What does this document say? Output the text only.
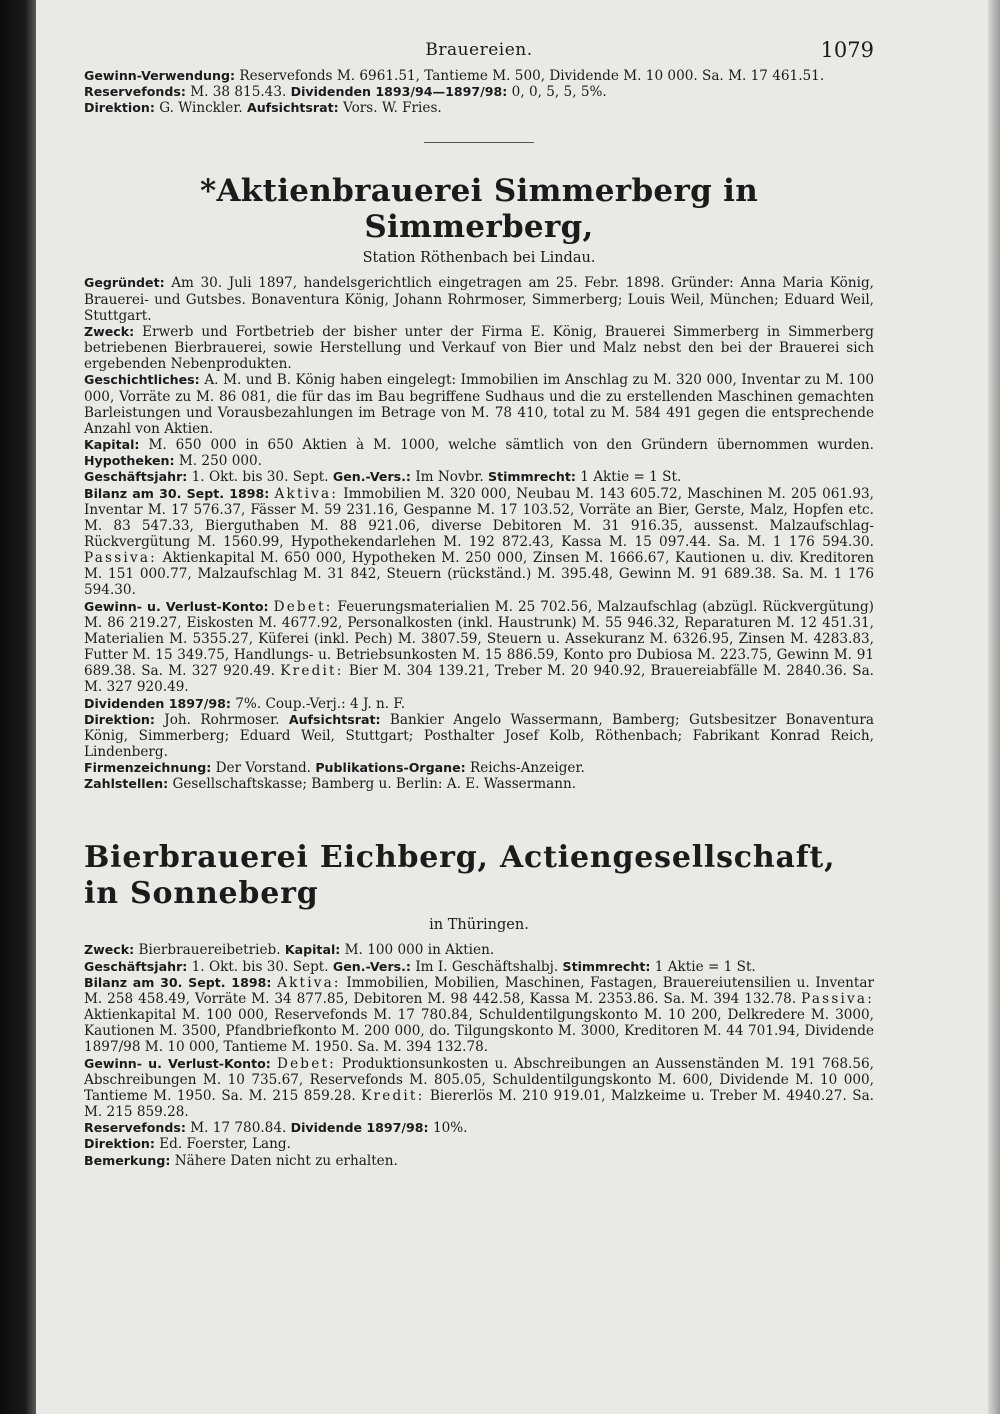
Brauereien.	1079

Gewinn-Verwendung: Reservefonds M. 6961.51, Tantieme M. 500, Dividende M. 10 000. Sa. M. 17 461.51.

Reservefonds: M. 38 815.43. Dividenden 1893/94—1897/98: 0, 0, 5, 5, 5%.

Direktion: G. Winckler. Aufsichtsrat: Vors. W. Fries.

*Aktienbrauerei Simmerberg in Simmerberg,
Station Röthenbach bei Lindau.

Gegründet: Am 30. Juli 1897, handelsgerichtlich eingetragen am 25. Febr. 1898. Gründer: Anna Maria König, Brauerei- und Gutsbes. Bonaventura König, Johann Rohrmoser, Simmerberg; Louis Weil, München; Eduard Weil, Stuttgart.

Zweck: Erwerb und Fortbetrieb der bisher unter der Firma E. König, Brauerei Simmerberg in Simmerberg betriebenen Bierbrauerei, sowie Herstellung und Verkauf von Bier und Malz nebst den bei der Brauerei sich ergebenden Nebenprodukten.

Geschichtliches: A. M. und B. König haben eingelegt: Immobilien im Anschlag zu M. 320 000, Inventar zu M. 100 000, Vorräte zu M. 86 081, die für das im Bau begriffene Sudhaus und die zu erstellenden Maschinen gemachten Barleistungen und Vorausbezahlungen im Betrage von M. 78 410, total zu M. 584 491 gegen die entsprechende Anzahl von Aktien.

Kapital: M. 650 000 in 650 Aktien à M. 1000, welche sämtlich von den Gründern übernommen wurden. Hypotheken: M. 250 000.

Geschäftsjahr: 1. Okt. bis 30. Sept. Gen.-Vers.: Im Novbr. Stimmrecht: 1 Aktie = 1 St.

Bilanz am 30. Sept. 1898: Aktiva: Immobilien M. 320 000, Neubau M. 143 605.72, Maschinen M. 205 061.93, Inventar M. 17 576.37, Fässer M. 59 231.16, Gespanne M. 17 103.52, Vorräte an Bier, Gerste, Malz, Hopfen etc. M. 83 547.33, Bierguthaben M. 88 921.06, diverse Debitoren M. 31 916.35, aussenst. Malzaufschlag-Rückvergütung M. 1560.99, Hypothekendarlehen M. 192 872.43, Kassa M. 15 097.44. Sa. M. 1 176 594.30. Passiva: Aktienkapital M. 650 000, Hypotheken M. 250 000, Zinsen M. 1666.67, Kautionen u. div. Kreditoren M. 151 000.77, Malzaufschlag M. 31 842, Steuern (rückständ.) M. 395.48, Gewinn M. 91 689.38. Sa. M. 1 176 594.30.

Gewinn- u. Verlust-Konto: Debet: Feuerungsmaterialien M. 25 702.56, Malzaufschlag (abzügl. Rückvergütung) M. 86 219.27, Eiskosten M. 4677.92, Personalkosten (inkl. Haustrunk) M. 55 946.32, Reparaturen M. 12 451.31, Materialien M. 5355.27, Küferei (inkl. Pech) M. 3807.59, Steuern u. Assekuranz M. 6326.95, Zinsen M. 4283.83, Futter M. 15 349.75, Handlungs- u. Betriebsunkosten M. 15 886.59, Konto pro Dubiosa M. 223.75, Gewinn M. 91 689.38. Sa. M. 327 920.49. Kredit: Bier M. 304 139.21, Treber M. 20 940.92, Brauereiabfälle M. 2840.36. Sa. M. 327 920.49.

Dividenden 1897/98: 7%. Coup.-Verj.: 4 J. n. F.

Direktion: Joh. Rohrmoser. Aufsichtsrat: Bankier Angelo Wassermann, Bamberg; Gutsbesitzer Bonaventura König, Simmerberg; Eduard Weil, Stuttgart; Posthalter Josef Kolb, Röthenbach; Fabrikant Konrad Reich, Lindenberg.

Firmenzeichnung: Der Vorstand. Publikations-Organe: Reichs-Anzeiger.

Zahlstellen: Gesellschaftskasse; Bamberg u. Berlin: A. E. Wassermann.

Bierbrauerei Eichberg, Actiengesellschaft, in Sonneberg
in Thüringen.

Zweck: Bierbrauereibetrieb. Kapital: M. 100 000 in Aktien.

Geschäftsjahr: 1. Okt. bis 30. Sept. Gen.-Vers.: Im I. Geschäftshalbj. Stimmrecht: 1 Aktie = 1 St.

Bilanz am 30. Sept. 1898: Aktiva: Immobilien, Mobilien, Maschinen, Fastagen, Brauereiutensilien u. Inventar M. 258 458.49, Vorräte M. 34 877.85, Debitoren M. 98 442.58, Kassa M. 2353.86. Sa. M. 394 132.78. Passiva: Aktienkapital M. 100 000, Reservefonds M. 17 780.84, Schuldentilgungskonto M. 10 200, Delkredere M. 3000, Kautionen M. 3500, Pfandbriefkonto M. 200 000, do. Tilgungskonto M. 3000, Kreditoren M. 44 701.94, Dividende 1897/98 M. 10 000, Tantieme M. 1950. Sa. M. 394 132.78.

Gewinn- u. Verlust-Konto: Debet: Produktionsunkosten u. Abschreibungen an Aussenständen M. 191 768.56, Abschreibungen M. 10 735.67, Reservefonds M. 805.05, Schuldentilgungskonto M. 600, Dividende M. 10 000, Tantieme M. 1950. Sa. M. 215 859.28. Kredit: Biererlös M. 210 919.01, Malzkeime u. Treber M. 4940.27. Sa. M. 215 859.28.

Reservefonds: M. 17 780.84. Dividende 1897/98: 10%.

Direktion: Ed. Foerster, Lang.

Bemerkung: Nähere Daten nicht zu erhalten.
